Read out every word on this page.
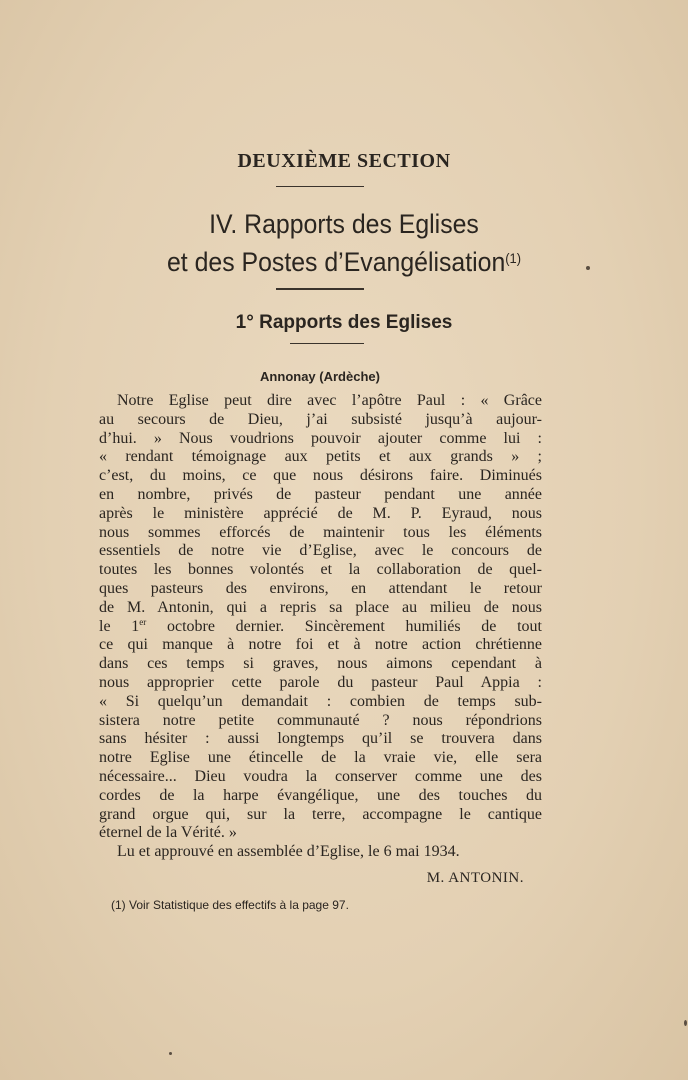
DEUXIÈME SECTION
IV. Rapports des Eglises
et des Postes d’Evangélisation$^{(1)}$
1° Rapports des Eglises
Annonay (Ardèche)
Notre Eglise peut dire avec l’apôtre Paul : « Grâce
au secours de Dieu, j’ai subsisté jusqu’à aujour-
d’hui. » Nous voudrions pouvoir ajouter comme lui :
« rendant témoignage aux petits et aux grands » ;
c’est, du moins, ce que nous désirons faire. Diminués
en nombre, privés de pasteur pendant une année
après le ministère apprécié de M. P. Eyraud, nous
nous sommes efforcés de maintenir tous les éléments
essentiels de notre vie d’Eglise, avec le concours de
toutes les bonnes volontés et la collaboration de quel-
ques pasteurs des environs, en attendant le retour
de M. Antonin, qui a repris sa place au milieu de nous
le 1er octobre dernier. Sincèrement humiliés de tout
ce qui manque à notre foi et à notre action chrétienne
dans ces temps si graves, nous aimons cependant à
nous approprier cette parole du pasteur Paul Appia :
« Si quelqu’un demandait : combien de temps sub-
sistera notre petite communauté ? nous répondrions
sans hésiter : aussi longtemps qu’il se trouvera dans
notre Eglise une étincelle de la vraie vie, elle sera
nécessaire... Dieu voudra la conserver comme une des
cordes de la harpe évangélique, une des touches du
grand orgue qui, sur la terre, accompagne le cantique
éternel de la Vérité. »
Lu et approuvé en assemblée d’Eglise, le 6 mai 1934.
M. ANTONIN.
(1) Voir Statistique des effectifs à la page 97.
